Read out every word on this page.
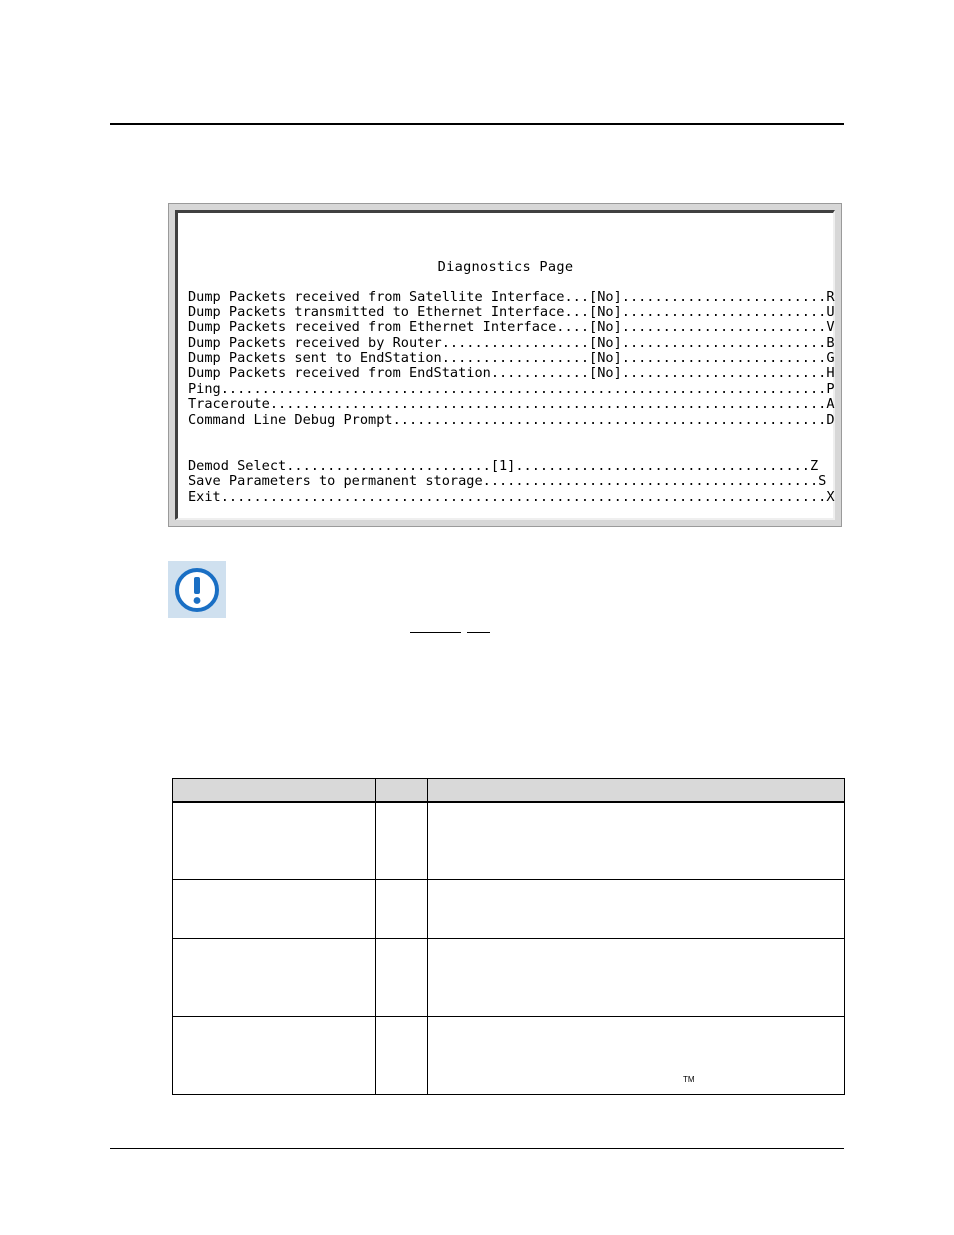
Diagnostics Page
Dump Packets received from Satellite Interface...[No].........................R
Dump Packets transmitted to Ethernet Interface...[No].........................U
Dump Packets received from Ethernet Interface....[No].........................V
Dump Packets received by Router..................[No].........................B
Dump Packets sent to EndStation..................[No].........................G
Dump Packets received from EndStation............[No].........................H
Ping..........................................................................P
Traceroute....................................................................A
Command Line Debug Prompt.....................................................D
Demod Select.........................[1]....................................Z
Save Parameters to permanent storage.........................................S
Exit..........................................................................X

TM
